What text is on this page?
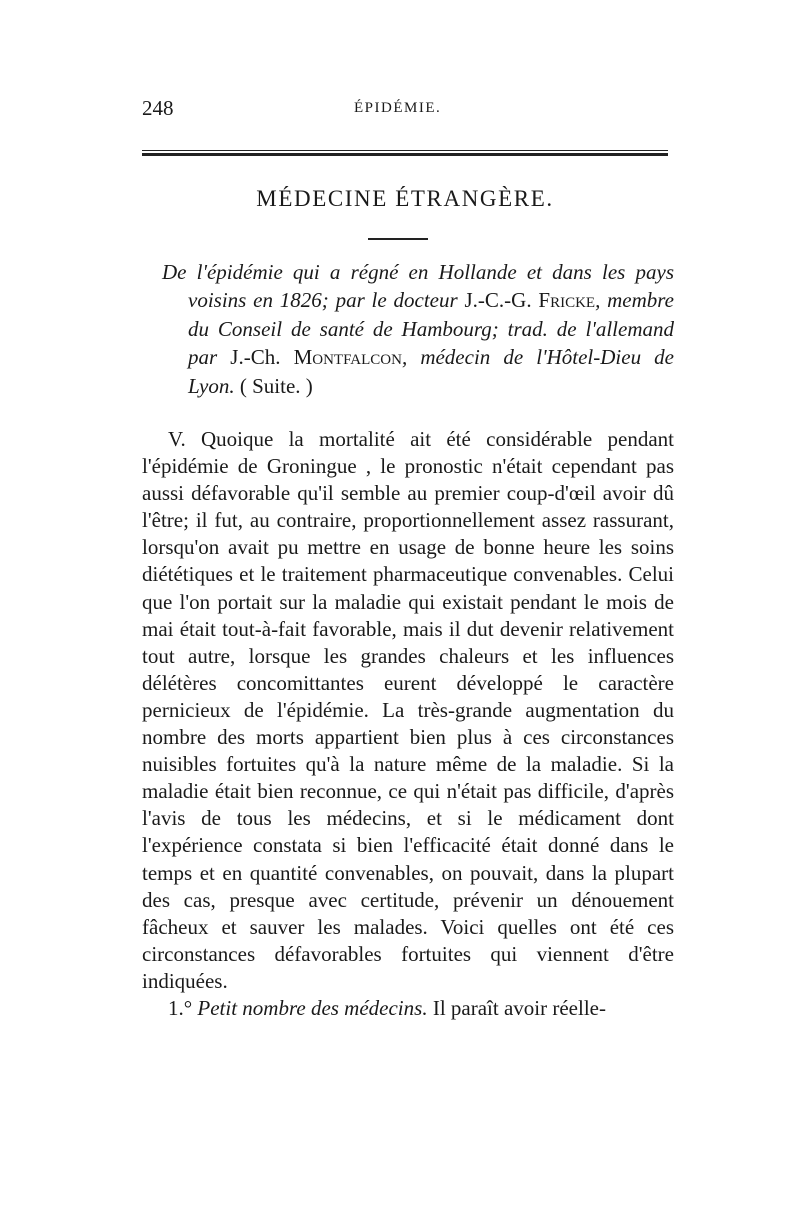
248	ÉPIDÉMIE.
MÉDECINE ÉTRANGÈRE.
De l'épidémie qui a régné en Hollande et dans les pays voisins en 1826; par le docteur J.-C.-G. Fricke, membre du Conseil de santé de Hambourg; trad. de l'allemand par J.-Ch. Montfalcon, médecin de l'Hôtel-Dieu de Lyon. ( Suite. )

V. Quoique la mortalité ait été considérable pendant l'épidémie de Groningue , le pronostic n'était cependant pas aussi défavorable qu'il semble au premier coup-d'œil avoir dû l'être; il fut, au contraire, proportionnellement assez rassurant, lorsqu'on avait pu mettre en usage de bonne heure les soins diététiques et le traitement pharmaceutique convenables. Celui que l'on portait sur la maladie qui existait pendant le mois de mai était tout-à-fait favorable, mais il dut devenir relativement tout autre, lorsque les grandes chaleurs et les influences délétères concomittantes eurent développé le caractère pernicieux de l'épidémie. La très-grande augmentation du nombre des morts appartient bien plus à ces circonstances nuisibles fortuites qu'à la nature même de la maladie. Si la maladie était bien reconnue, ce qui n'était pas difficile, d'après l'avis de tous les médecins, et si le médicament dont l'expérience constata si bien l'efficacité était donné dans le temps et en quantité convenables, on pouvait, dans la plupart des cas, presque avec certitude, prévenir un dénouement fâcheux et sauver les malades. Voici quelles ont été ces circonstances défavorables fortuites qui viennent d'être indiquées.

1.° Petit nombre des médecins. Il paraît avoir réelle-
